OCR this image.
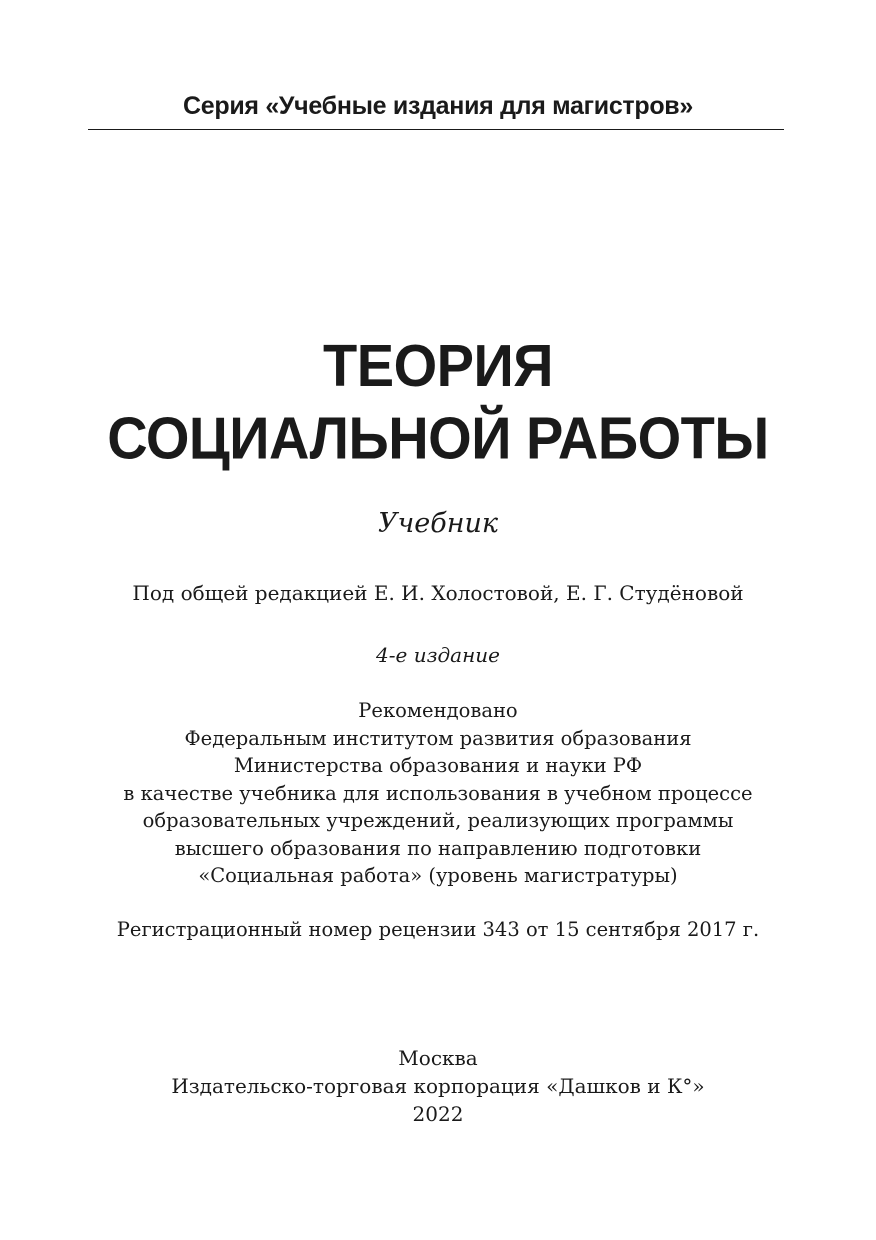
Серия «Учебные издания для магистров»
ТЕОРИЯ
СОЦИАЛЬНОЙ РАБОТЫ
Учебник
Под общей редакцией Е. И. Холостовой, Е. Г. Студёновой
4-е издание
Рекомендовано
Федеральным институтом развития образования
Министерства образования и науки РФ
в качестве учебника для использования в учебном процессе
образовательных учреждений, реализующих программы
высшего образования по направлению подготовки
«Социальная работа» (уровень магистратуры)
Регистрационный номер рецензии 343 от 15 сентября 2017 г.
Москва
Издательско-торговая корпорация «Дашков и К°»
2022
